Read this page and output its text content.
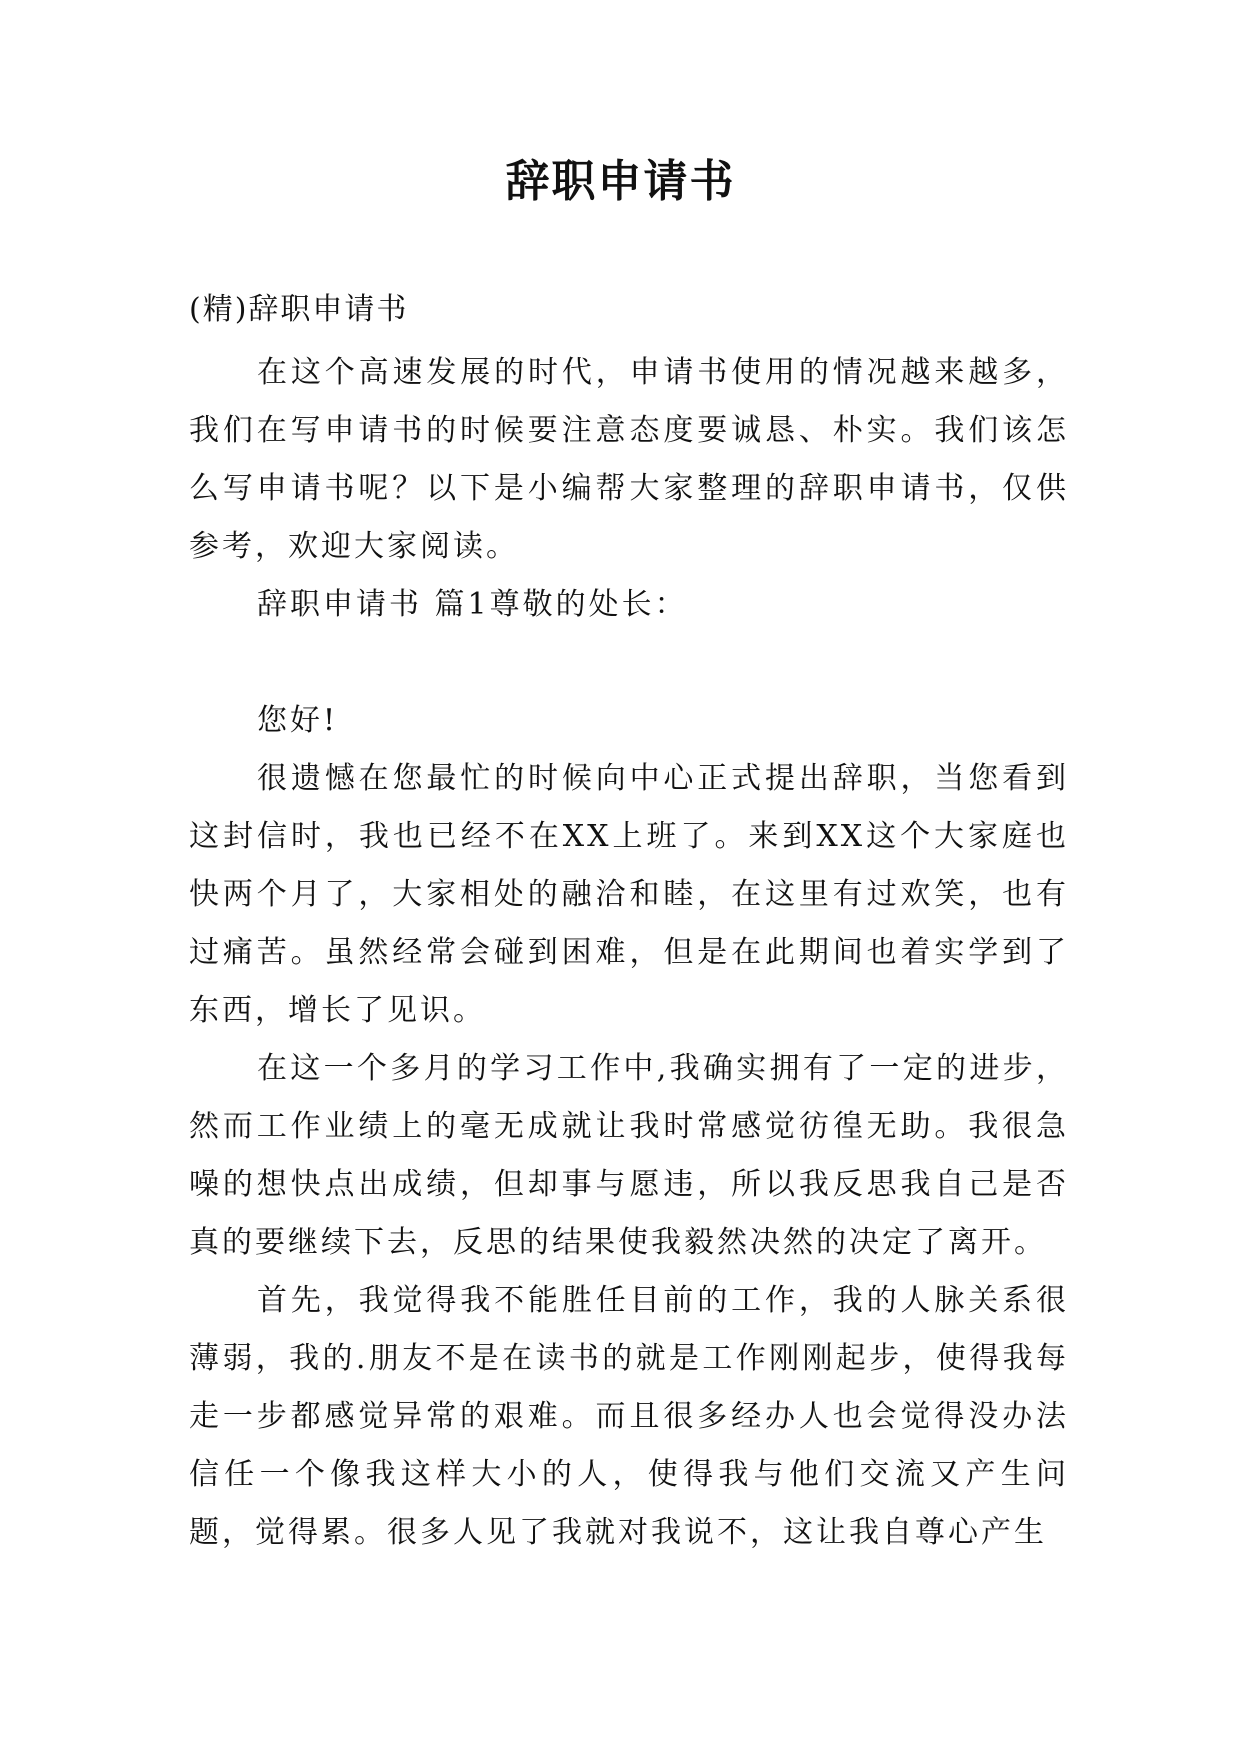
辞职申请书

(精)辞职申请书

在这个高速发展的时代，申请书使用的情况越来越多，我们在写申请书的时候要注意态度要诚恳、朴实。我们该怎么写申请书呢？以下是小编帮大家整理的辞职申请书，仅供参考，欢迎大家阅读。

辞职申请书 篇1尊敬的处长：

您好!

很遗憾在您最忙的时候向中心正式提出辞职，当您看到这封信时，我也已经不在XX上班了。来到XX这个大家庭也快两个月了，大家相处的融洽和睦，在这里有过欢笑，也有过痛苦。虽然经常会碰到困难，但是在此期间也着实学到了东西，增长了见识。

在这一个多月的学习工作中,我确实拥有了一定的进步，然而工作业绩上的毫无成就让我时常感觉彷徨无助。我很急噪的想快点出成绩，但却事与愿违，所以我反思我自己是否真的要继续下去，反思的结果使我毅然决然的决定了离开。

首先，我觉得我不能胜任目前的工作，我的人脉关系很薄弱，我的.朋友不是在读书的就是工作刚刚起步，使得我每走一步都感觉异常的艰难。而且很多经办人也会觉得没办法信任一个像我这样大小的人，使得我与他们交流又产生问题，觉得累。很多人见了我就对我说不，这让我自尊心产生
